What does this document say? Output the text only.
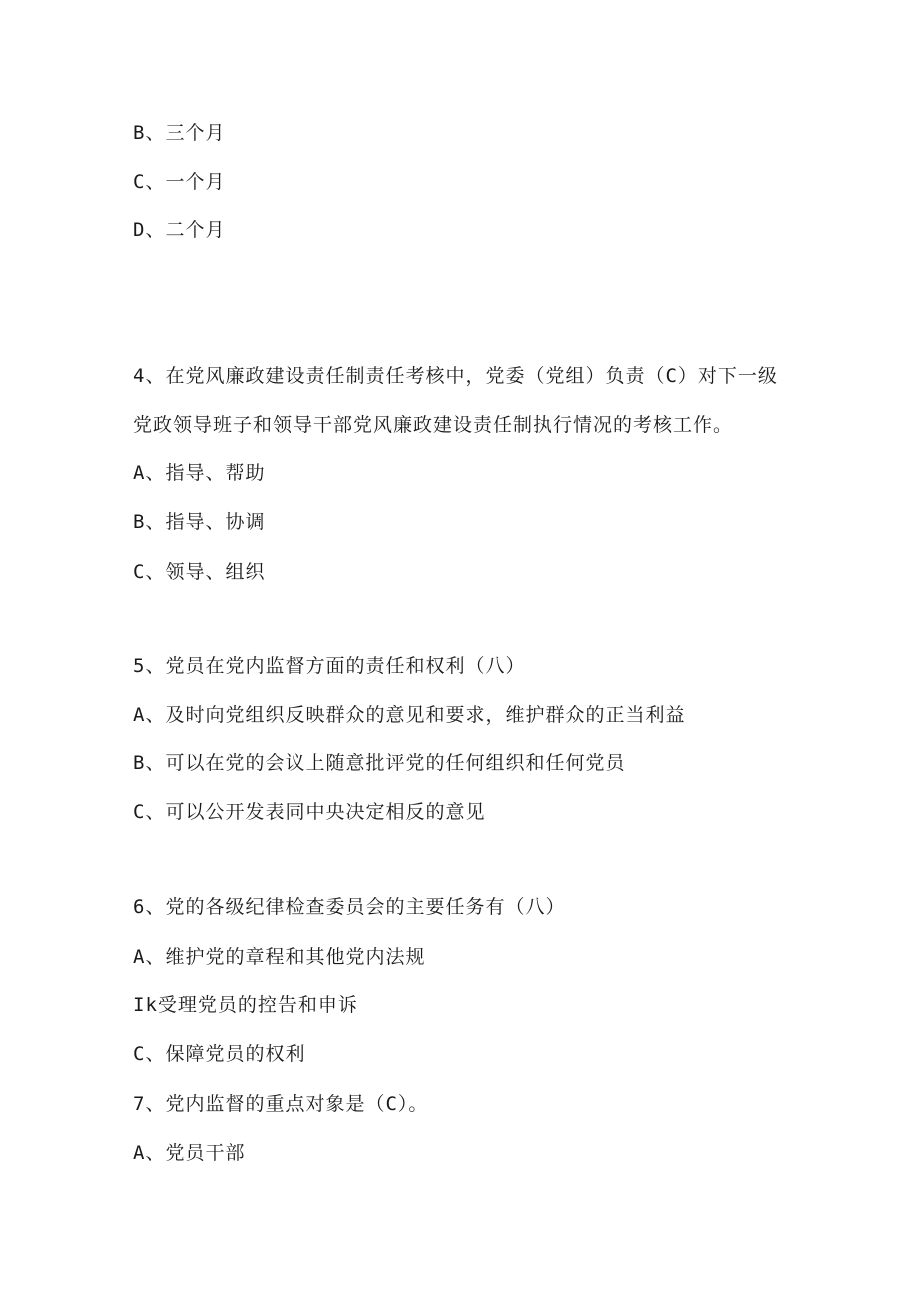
B、三个月
C、一个月
D、二个月
4、在党风廉政建设责任制责任考核中，党委（党组）负责（C）对下一级
党政领导班子和领导干部党风廉政建设责任制执行情况的考核工作。
A、指导、帮助
B、指导、协调
C、领导、组织
5、党员在党内监督方面的责任和权利（八）
A、及时向党组织反映群众的意见和要求，维护群众的正当利益
B、可以在党的会议上随意批评党的任何组织和任何党员
C、可以公开发表同中央决定相反的意见
6、党的各级纪律检查委员会的主要任务有（八）
A、维护党的章程和其他党内法规
Ik受理党员的控告和申诉
C、保障党员的权利
7、党内监督的重点对象是（C）。
A、党员干部
